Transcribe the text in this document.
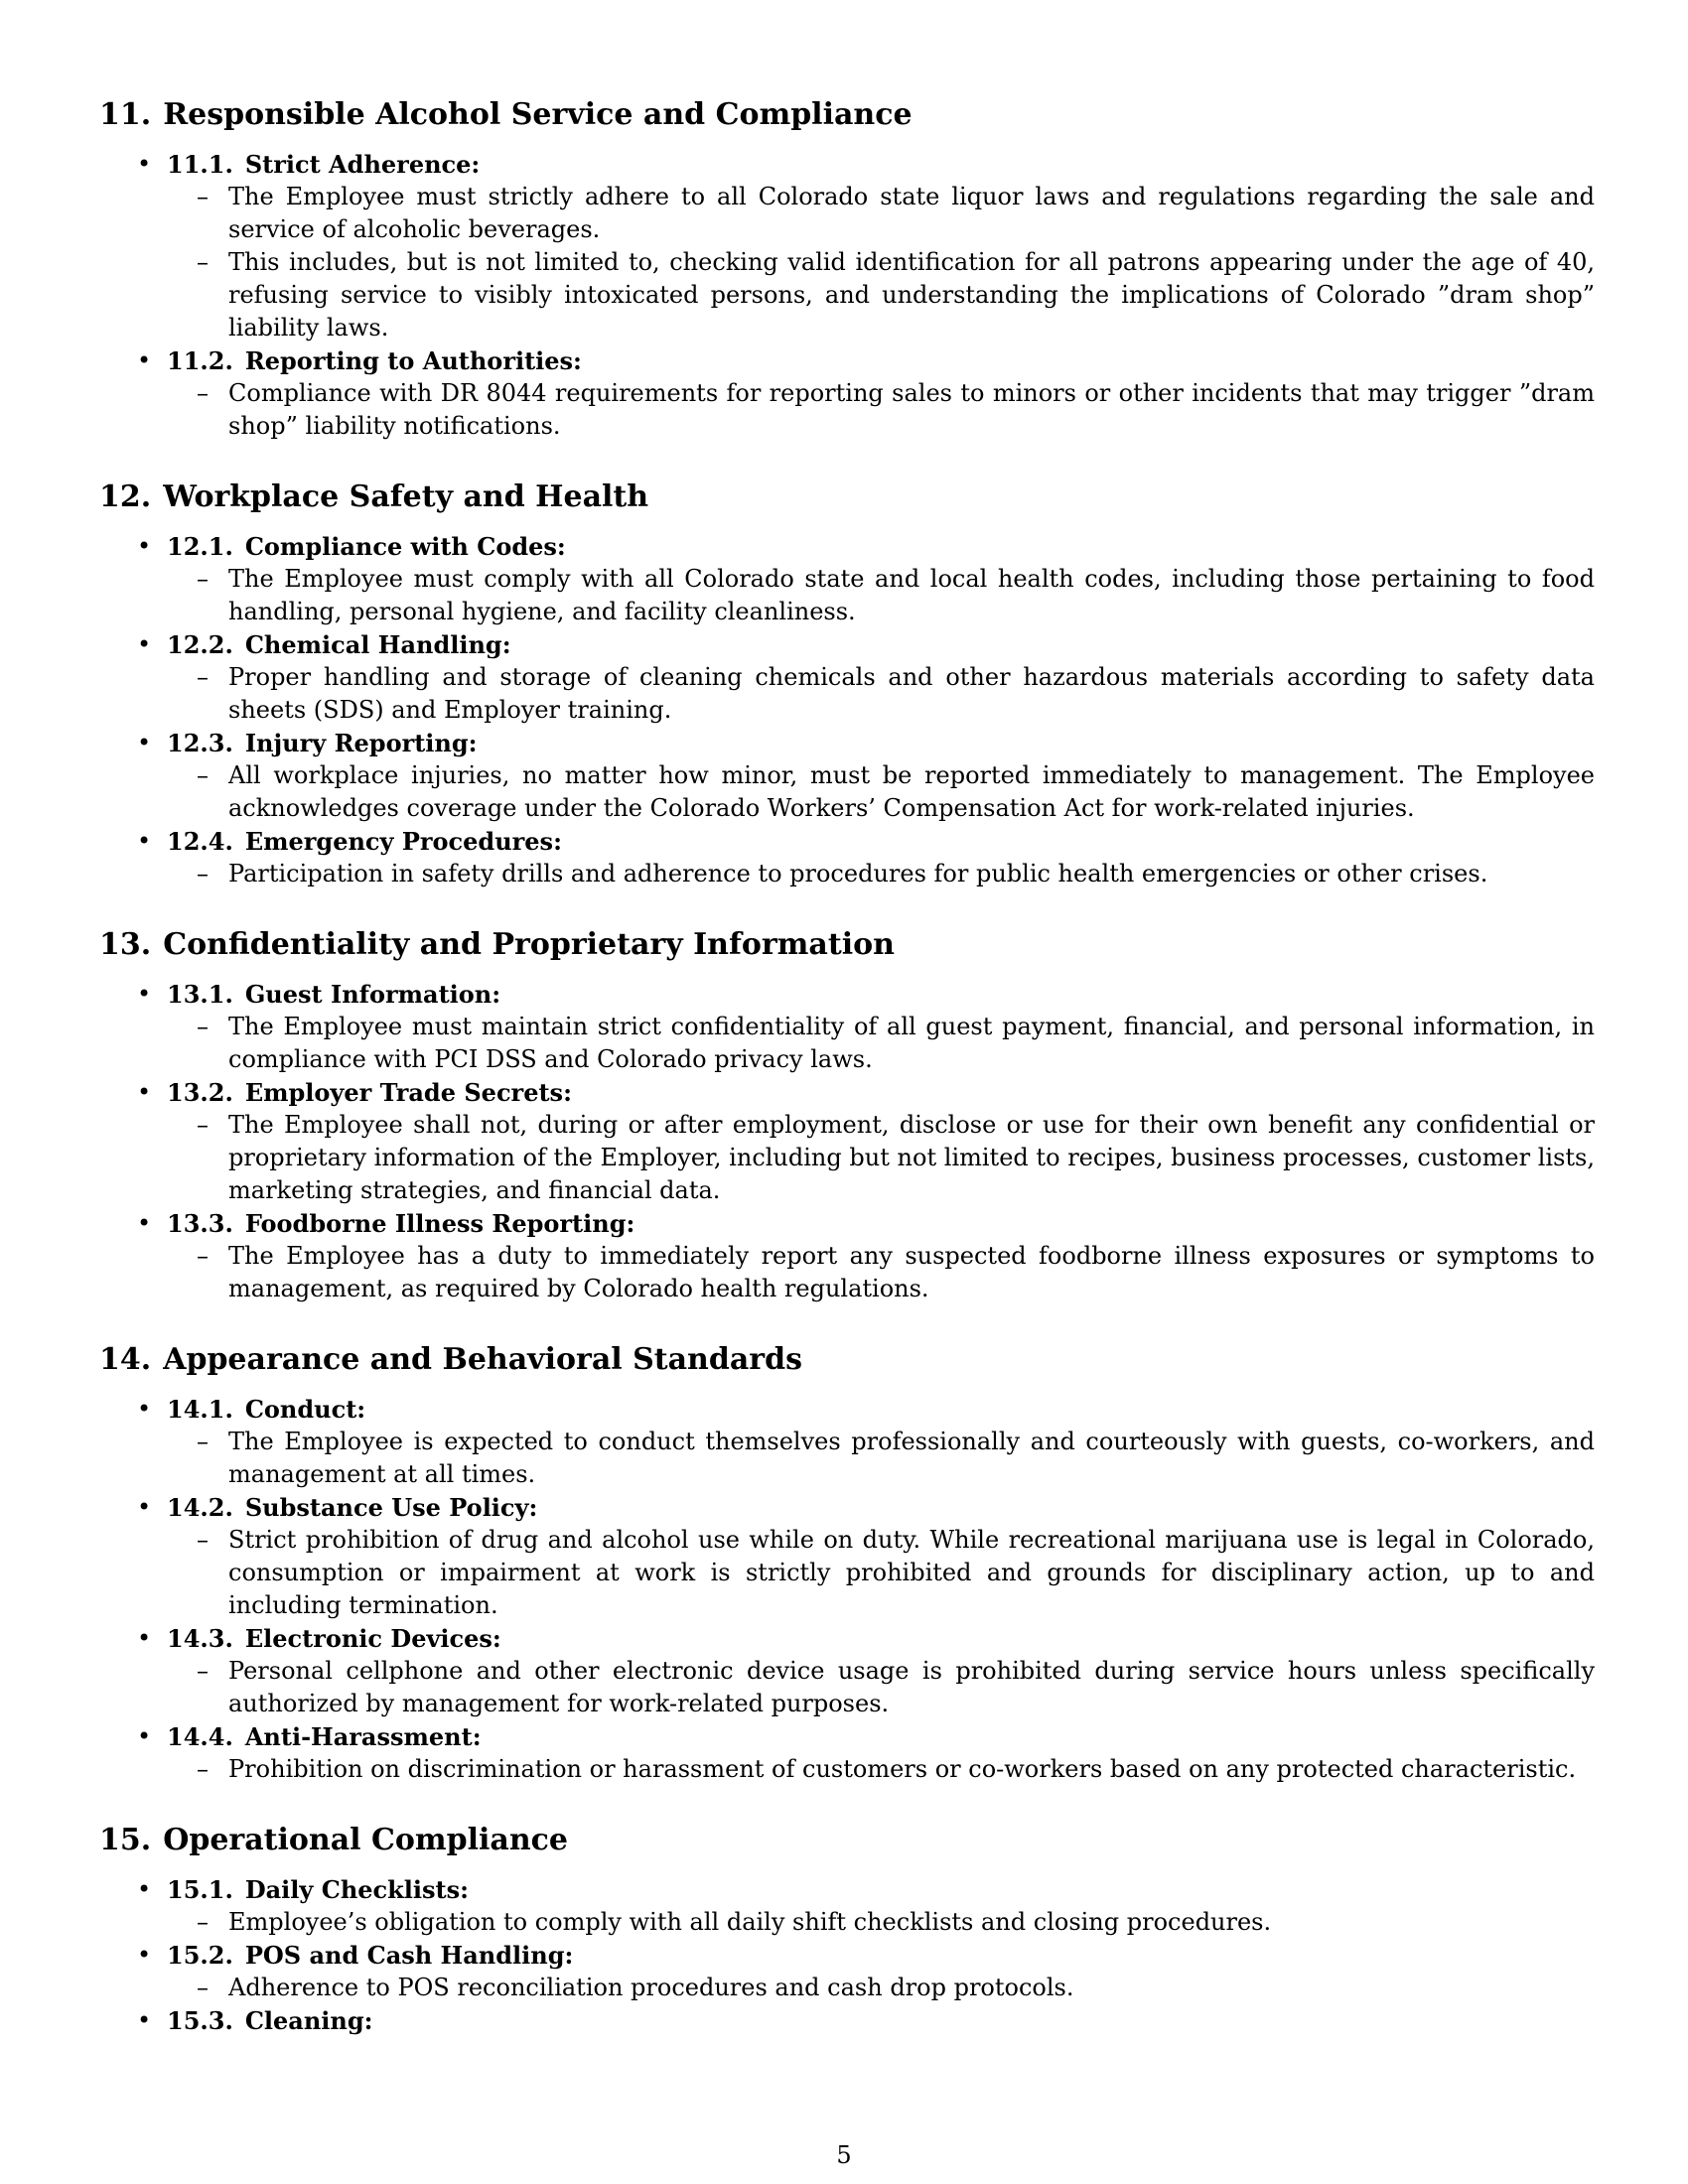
11. Responsible Alcohol Service and Compliance
• 11.1. Strict Adherence:
– The Employee must strictly adhere to all Colorado state liquor laws and regulations regarding the sale and service of alcoholic beverages.
– This includes, but is not limited to, checking valid identification for all patrons appearing under the age of 40, refusing service to visibly intoxicated persons, and understanding the implications of Colorado ”dram shop” liability laws.
• 11.2. Reporting to Authorities:
– Compliance with DR 8044 requirements for reporting sales to minors or other incidents that may trigger ”dram shop” liability notifications.
12. Workplace Safety and Health
• 12.1. Compliance with Codes:
– The Employee must comply with all Colorado state and local health codes, including those pertaining to food handling, personal hygiene, and facility cleanliness.
• 12.2. Chemical Handling:
– Proper handling and storage of cleaning chemicals and other hazardous materials according to safety data sheets (SDS) and Employer training.
• 12.3. Injury Reporting:
– All workplace injuries, no matter how minor, must be reported immediately to management. The Employee acknowledges coverage under the Colorado Workers’ Compensation Act for work-related injuries.
• 12.4. Emergency Procedures:
– Participation in safety drills and adherence to procedures for public health emergencies or other crises.
13. Confidentiality and Proprietary Information
• 13.1. Guest Information:
– The Employee must maintain strict confidentiality of all guest payment, financial, and personal information, in compliance with PCI DSS and Colorado privacy laws.
• 13.2. Employer Trade Secrets:
– The Employee shall not, during or after employment, disclose or use for their own benefit any confidential or proprietary information of the Employer, including but not limited to recipes, business processes, customer lists, marketing strategies, and financial data.
• 13.3. Foodborne Illness Reporting:
– The Employee has a duty to immediately report any suspected foodborne illness exposures or symptoms to management, as required by Colorado health regulations.
14. Appearance and Behavioral Standards
• 14.1. Conduct:
– The Employee is expected to conduct themselves professionally and courteously with guests, co-workers, and management at all times.
• 14.2. Substance Use Policy:
– Strict prohibition of drug and alcohol use while on duty. While recreational marijuana use is legal in Colorado, consumption or impairment at work is strictly prohibited and grounds for disciplinary action, up to and including termination.
• 14.3. Electronic Devices:
– Personal cellphone and other electronic device usage is prohibited during service hours unless specifically authorized by management for work-related purposes.
• 14.4. Anti-Harassment:
– Prohibition on discrimination or harassment of customers or co-workers based on any protected characteristic.
15. Operational Compliance
• 15.1. Daily Checklists:
– Employee’s obligation to comply with all daily shift checklists and closing procedures.
• 15.2. POS and Cash Handling:
– Adherence to POS reconciliation procedures and cash drop protocols.
• 15.3. Cleaning:
5
